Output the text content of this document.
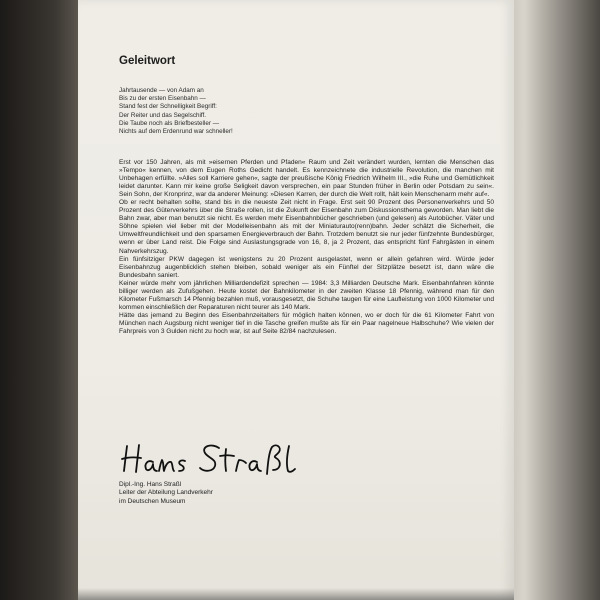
Geleitwort
Jahrtausende — von Adam an
Bis zu der ersten Eisenbahn —
Stand fest der Schnelligkeit Begriff:
Der Reiter und das Segelschiff.
Die Taube noch als Briefbesteller —
Nichts auf dem Erdenrund war schneller!

Erst vor 150 Jahren, als mit »eisernen Pferden und Pfaden« Raum und Zeit verändert wurden, lernten die Menschen das »Tempo« kennen, von dem Eugen Roths Gedicht handelt. Es kennzeichnete die industrielle Revolution, die manchen mit Unbehagen erfüllte. »Alles soll Karriere gehen«, sagte der preußische König Friedrich Wilhelm III., »die Ruhe und Gemütlichkeit leidet darunter. Kann mir keine große Seligkeit davon versprechen, ein paar Stunden früher in Berlin oder Potsdam zu sein«. Sein Sohn, der Kronprinz, war da anderer Meinung: »Diesen Karren, der durch die Welt rollt, hält kein Menschenarm mehr auf«.

Ob er recht behalten sollte, stand bis in die neueste Zeit nicht in Frage. Erst seit 90 Prozent des Personenverkehrs und 50 Prozent des Güterverkehrs über die Straße rollen, ist die Zukunft der Eisenbahn zum Diskussionsthema geworden. Man liebt die Bahn zwar, aber man benutzt sie nicht. Es werden mehr Eisenbahnbücher geschrieben (und gelesen) als Autobücher. Väter und Söhne spielen viel lieber mit der Modelleisenbahn als mit der Miniaturauto(renn)bahn. Jeder schätzt die Sicherheit, die Umweltfreundlichkeit und den sparsamen Energieverbrauch der Bahn. Trotzdem benutzt sie nur jeder fünfzehnte Bundesbürger, wenn er über Land reist. Die Folge sind Auslastungsgrade von 16, 8, ja 2 Prozent, das entspricht fünf Fahrgästen in einem Nahverkehrszug.

Ein fünfsitziger PKW dagegen ist wenigstens zu 20 Prozent ausgelastet, wenn er allein gefahren wird. Würde jeder Eisenbahnzug augenblicklich stehen bleiben, sobald weniger als ein Fünftel der Sitzplätze besetzt ist, dann wäre die Bundesbahn saniert.

Keiner würde mehr vom jährlichen Milliardendefizit sprechen — 1984: 3,3 Milliarden Deutsche Mark. Eisenbahnfahren könnte billiger werden als Zufußgehen. Heute kostet der Bahnkilometer in der zweiten Klasse 18 Pfennig, während man für den Kilometer Fußmarsch 14 Pfennig bezahlen muß, vorausgesetzt, die Schuhe taugen für eine Laufleistung von 1000 Kilometer und kommen einschließlich der Reparaturen nicht teurer als 140 Mark.

Hätte das jemand zu Beginn des Eisenbahnzeitalters für möglich halten können, wo er doch für die 61 Kilometer Fahrt von München nach Augsburg nicht weniger tief in die Tasche greifen mußte als für ein Paar nagelneue Halbschuhe? Wie vielen der Fahrpreis von 3 Gulden nicht zu hoch war, ist auf Seite 82/84 nachzulesen.

Dipl.-Ing. Hans Straßl
Leiter der Abteilung Landverkehr
im Deutschen Museum
